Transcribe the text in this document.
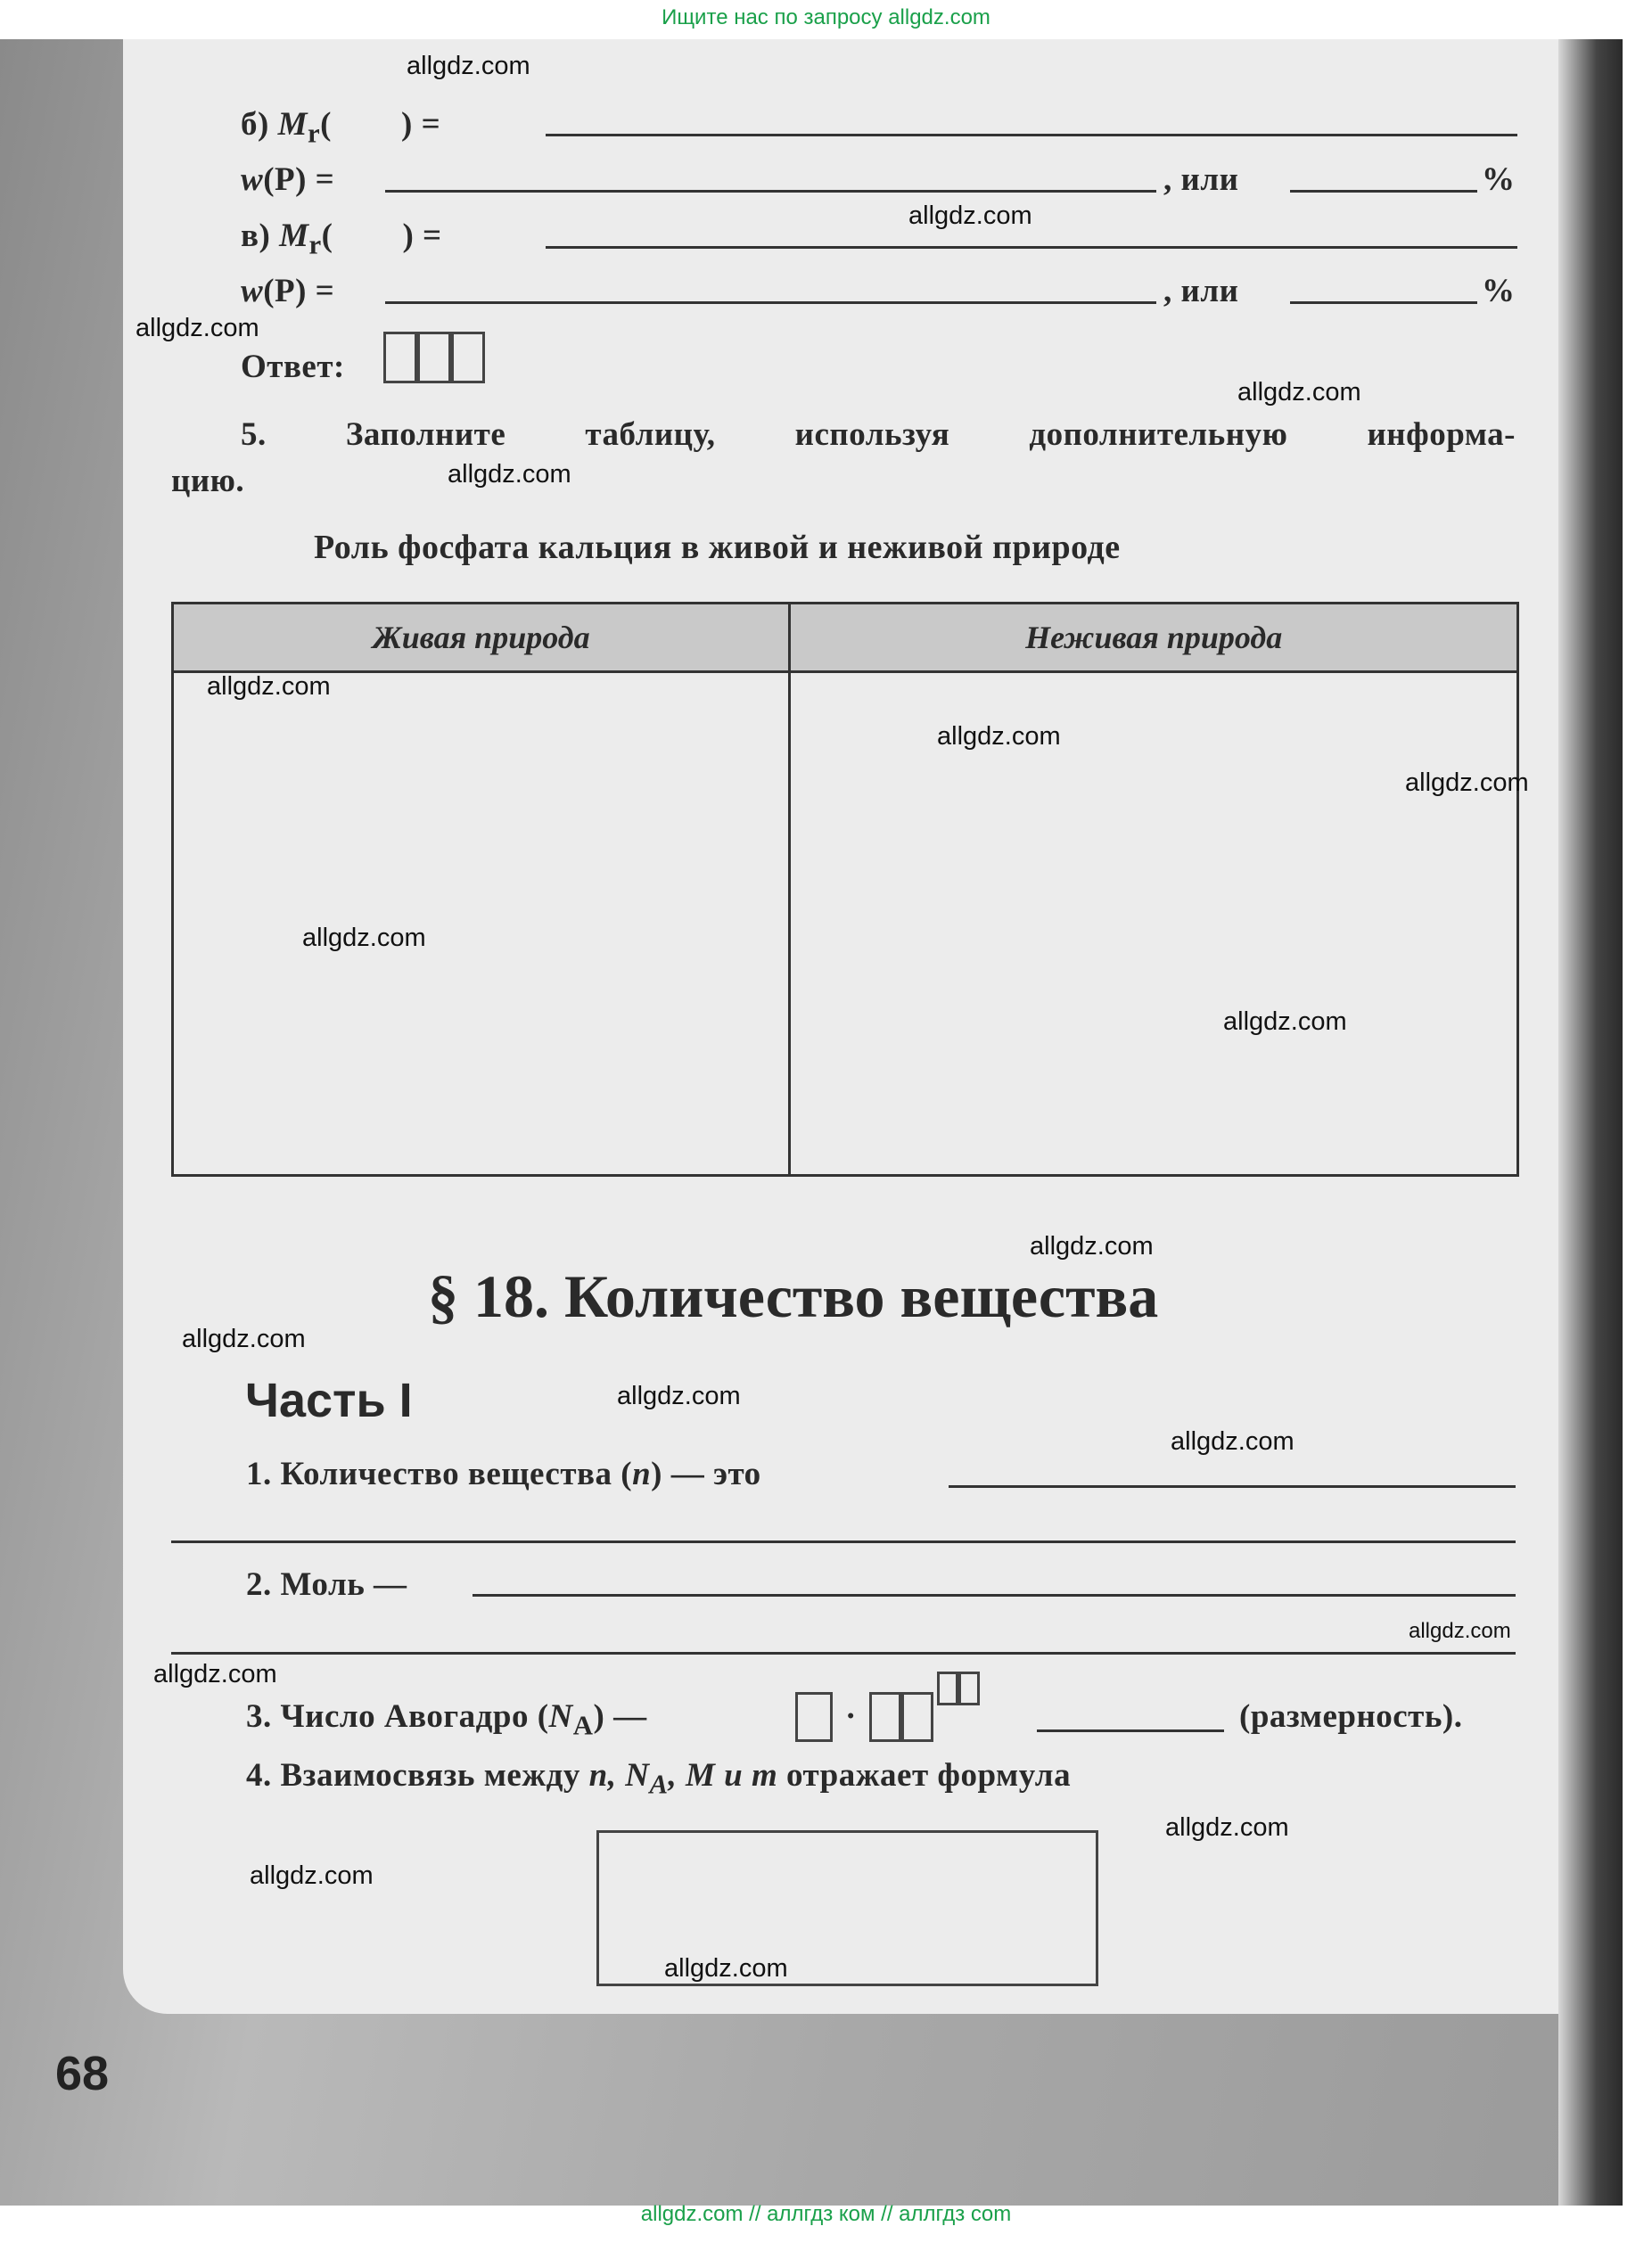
Ищите нас по запросу allgdz.com
б) $M_r$(        ) =
w(P) =	, или	%
в) $M_r$(        ) =
w(P) =	, или	%
Ответ:
5. Заполните таблицу, используя дополнительную информа-
цию.
Роль фосфата кальция в живой и неживой природе
Живая природа	Неживая природа

§ 18. Количество вещества
Часть I
1. Количество вещества (n) — это
2. Моль —
3. Число Авогадро $(N_A)$ —	·	(размерность).
4. Взаимосвязь между n, $N_A$, M и m отражает формула
68
allgdz.com
allgdz.com
allgdz.com
allgdz.com
allgdz.com
allgdz.com
allgdz.com
allgdz.com
allgdz.com
allgdz.com
allgdz.com
allgdz.com
allgdz.com
allgdz.com
allgdz.com
allgdz.com
allgdz.com
allgdz.com
allgdz.com
allgdz.com // аллгдз ком // аллгдз com
